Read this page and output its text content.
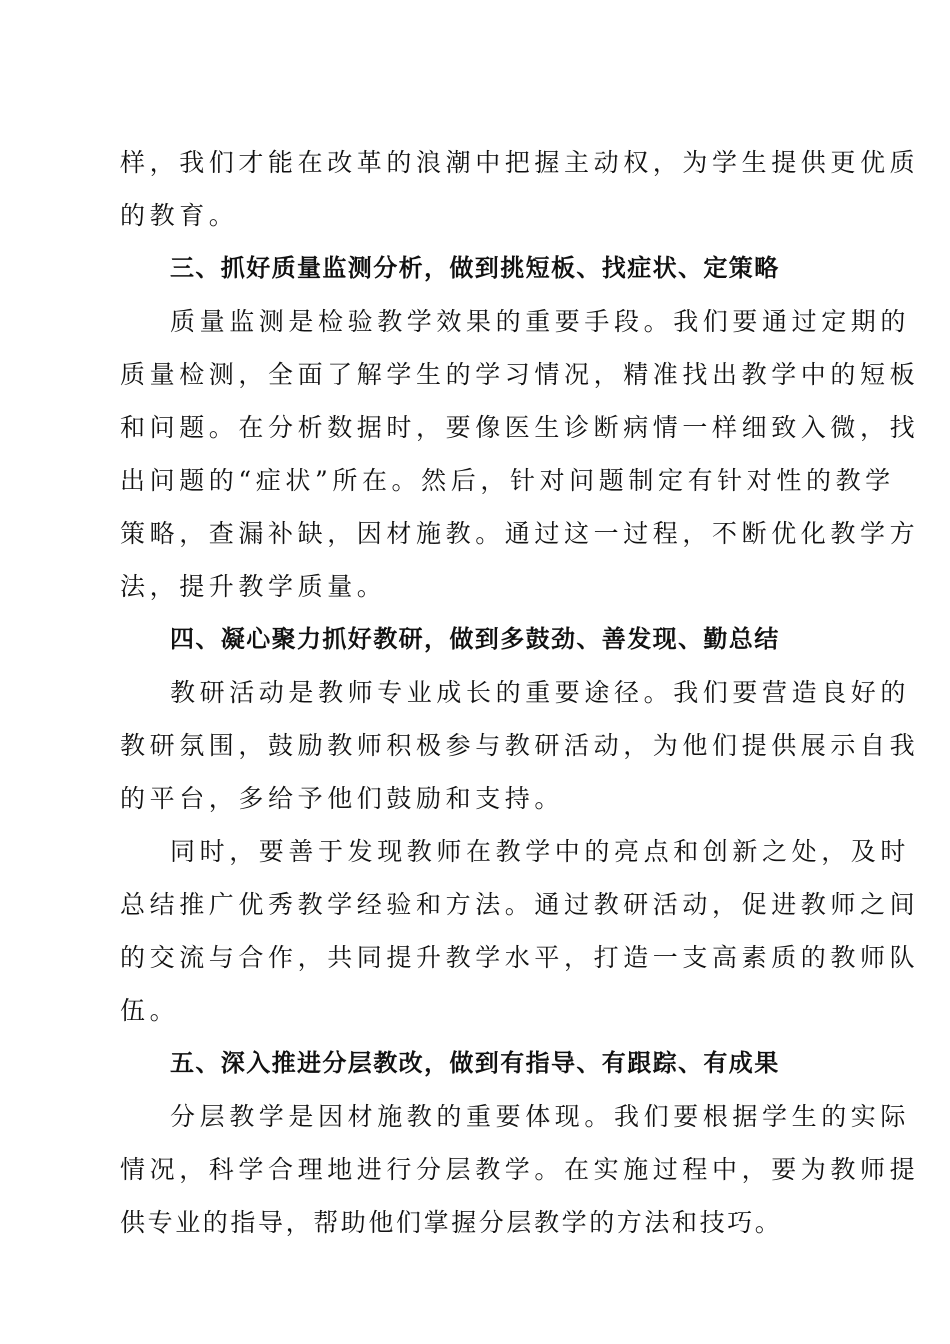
样，我们才能在改革的浪潮中把握主动权，为学生提供更优质
的教育。
三、抓好质量监测分析，做到挑短板、找症状、定策略
质量监测是检验教学效果的重要手段。我们要通过定期的
质量检测，全面了解学生的学习情况，精准找出教学中的短板
和问题。在分析数据时，要像医生诊断病情一样细致入微，找
出问题的“症状”所在。然后，针对问题制定有针对性的教学
策略，查漏补缺，因材施教。通过这一过程，不断优化教学方
法，提升教学质量。
四、凝心聚力抓好教研，做到多鼓劲、善发现、勤总结
教研活动是教师专业成长的重要途径。我们要营造良好的
教研氛围，鼓励教师积极参与教研活动，为他们提供展示自我
的平台，多给予他们鼓励和支持。
同时，要善于发现教师在教学中的亮点和创新之处，及时
总结推广优秀教学经验和方法。通过教研活动，促进教师之间
的交流与合作，共同提升教学水平，打造一支高素质的教师队
伍。
五、深入推进分层教改，做到有指导、有跟踪、有成果
分层教学是因材施教的重要体现。我们要根据学生的实际
情况，科学合理地进行分层教学。在实施过程中，要为教师提
供专业的指导，帮助他们掌握分层教学的方法和技巧。
